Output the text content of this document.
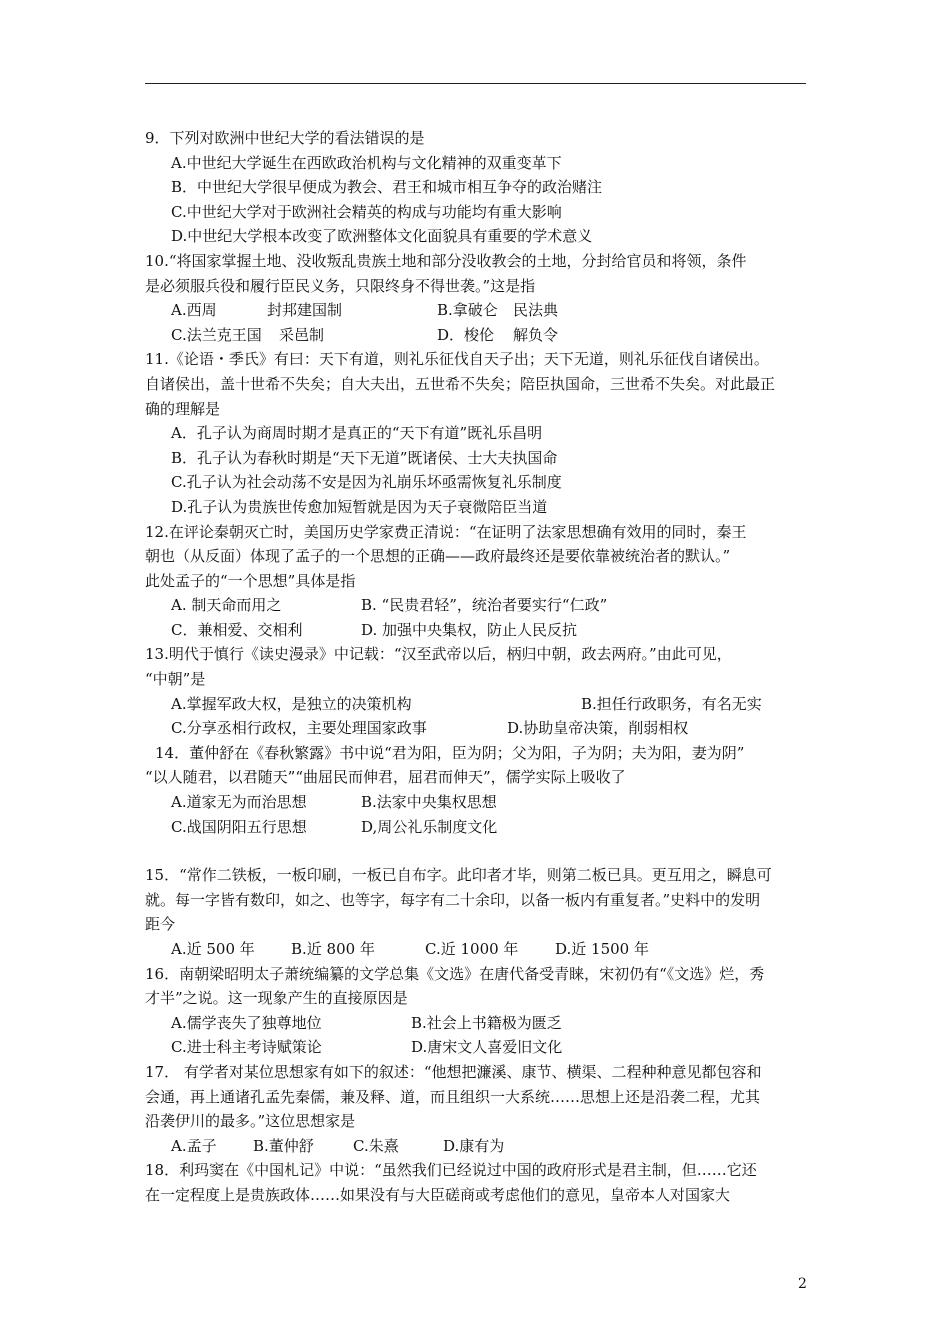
9．下列对欧洲中世纪大学的看法错误的是
A.中世纪大学诞生在西欧政治机构与文化精神的双重变革下
B．中世纪大学很早便成为教会、君王和城市相互争夺的政治赌注
C.中世纪大学对于欧洲社会精英的构成与功能均有重大影响
D.中世纪大学根本改变了欧洲整体文化面貌具有重要的学术意义
10.“将国家掌握土地、没收叛乱贵族土地和部分没收教会的土地，分封给官员和将领，条件
是必须服兵役和履行臣民义务，只限终身不得世袭。”这是指
A.西周	封邦建国制	B.拿破仑 民法典
C.法兰克王国 采邑制	D．梭伦 解负令
11.《论语・季氏》有曰：天下有道，则礼乐征伐自天子出；天下无道，则礼乐征伐自诸侯出。
自诸侯出，盖十世希不失矣；自大夫出，五世希不失矣；陪臣执国命，三世希不失矣。对此最正
确的理解是
A．孔子认为商周时期才是真正的“天下有道”既礼乐昌明
B．孔子认为春秋时期是“天下无道”既诸侯、士大夫执国命
C.孔子认为社会动荡不安是因为礼崩乐坏亟需恢复礼乐制度
D.孔子认为贵族世传愈加短暂就是因为天子衰微陪臣当道
12.在评论秦朝灭亡时，美国历史学家费正清说：“在证明了法家思想确有效用的同时，秦王
朝也（从反面）体现了孟子的一个思想的正确——政府最终还是要依靠被统治者的默认。”
此处孟子的“一个思想”具体是指
A. 制天命而用之	B. “民贵君轻”，统治者要实行“仁政”
C．兼相爱、交相利	D. 加强中央集权，防止人民反抗
13.明代于慎行《读史漫录》中记载：“汉至武帝以后，柄归中朝，政去两府。”由此可见，
“中朝”是
A.掌握军政大权，是独立的决策机构	B.担任行政职务，有名无实
C.分享丞相行政权，主要处理国家政事	D.协助皇帝决策，削弱相权
14．董仲舒在《春秋繁露》书中说“君为阳，臣为阴；父为阳，子为阴；夫为阳，妻为阴”
“以人随君，以君随天”“曲屈民而伸君，屈君而伸天”，儒学实际上吸收了
A.道家无为而治思想	B.法家中央集权思想
C.战国阴阳五行思想	D,周公礼乐制度文化
15．“常作二铁板，一板印刷，一板已自布字。此印者才毕，则第二板已具。更互用之，瞬息可
就。每一字皆有数印，如之、也等字，每字有二十余印，以备一板内有重复者。”史料中的发明
距今
A.近 500 年 B.近 800 年	C.近 1000 年 D.近 1500 年
16．南朝梁昭明太子萧统编纂的文学总集《文选》在唐代备受青睐，宋初仍有“《文选》烂，秀
才半”之说。这一现象产生的直接原因是
A.儒学丧失了独尊地位	B.社会上书籍极为匮乏
C.进士科主考诗赋策论	D.唐宋文人喜爱旧文化
17． 有学者对某位思想家有如下的叙述：“他想把濂溪、康节、横渠、二程种种意见都包容和
会通，再上通诸孔孟先秦儒，兼及释、道，而且组织一大系统……思想上还是沿袭二程，尤其
沿袭伊川的最多。”这位思想家是
A.孟子 B.董仲舒	C.朱熹	D.康有为
18．利玛窦在《中国札记》中说：“虽然我们已经说过中国的政府形式是君主制，但……它还
在一定程度上是贵族政体……如果没有与大臣磋商或考虑他们的意见，皇帝本人对国家大
2
